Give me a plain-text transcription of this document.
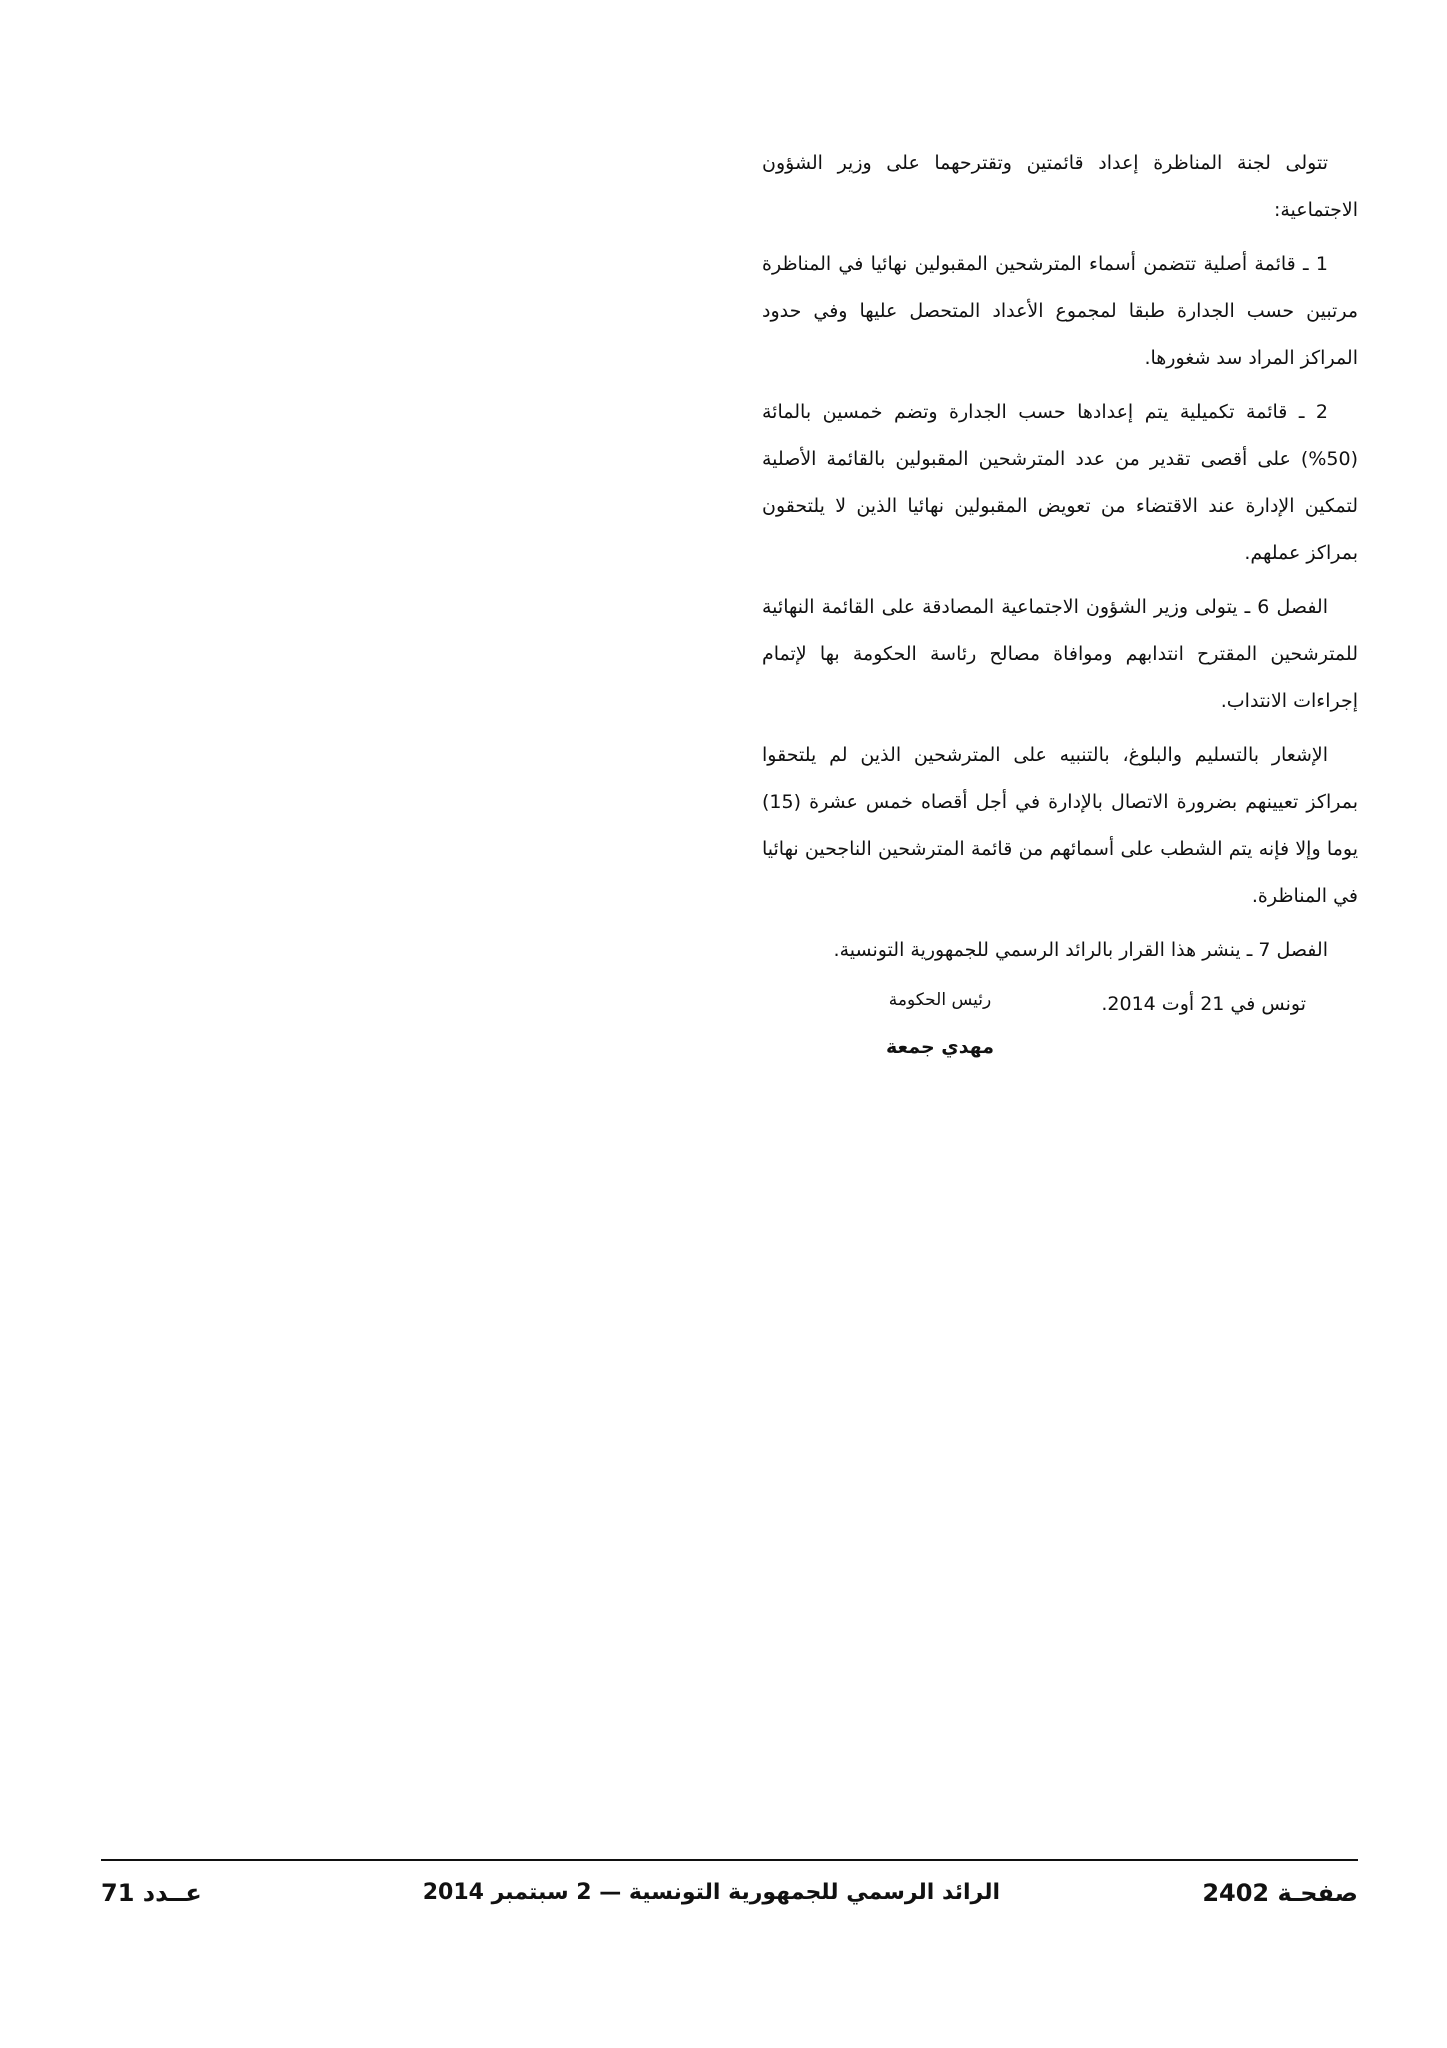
تتولى لجنة المناظرة إعداد قائمتين وتقترحهما على وزير الشؤون الاجتماعية:

1 ـ قائمة أصلية تتضمن أسماء المترشحين المقبولين نهائيا في المناظرة مرتبين حسب الجدارة طبقا لمجموع الأعداد المتحصل عليها وفي حدود المراكز المراد سد شغورها.

2 ـ قائمة تكميلية يتم إعدادها حسب الجدارة وتضم خمسين بالمائة (50%) على أقصى تقدير من عدد المترشحين المقبولين بالقائمة الأصلية لتمكين الإدارة عند الاقتضاء من تعويض المقبولين نهائيا الذين لا يلتحقون بمراكز عملهم.

الفصل 6 ـ يتولى وزير الشؤون الاجتماعية المصادقة على القائمة النهائية للمترشحين المقترح انتدابهم وموافاة مصالح رئاسة الحكومة بها لإتمام إجراءات الانتداب.

الإشعار بالتسليم والبلوغ، بالتنبيه على المترشحين الذين لم يلتحقوا بمراكز تعيينهم بضرورة الاتصال بالإدارة في أجل أقصاه خمس عشرة (15) يوما وإلا فإنه يتم الشطب على أسمائهم من قائمة المترشحين الناجحين نهائيا في المناظرة.

الفصل 7 ـ ينشر هذا القرار بالرائد الرسمي للجمهورية التونسية.

تونس في 21 أوت 2014.

رئيس الحكومة
مهدي جمعة
صفحـة 2402
الرائد الرسمي للجمهورية التونسية — 2 سبتمبر 2014
عــدد 71
